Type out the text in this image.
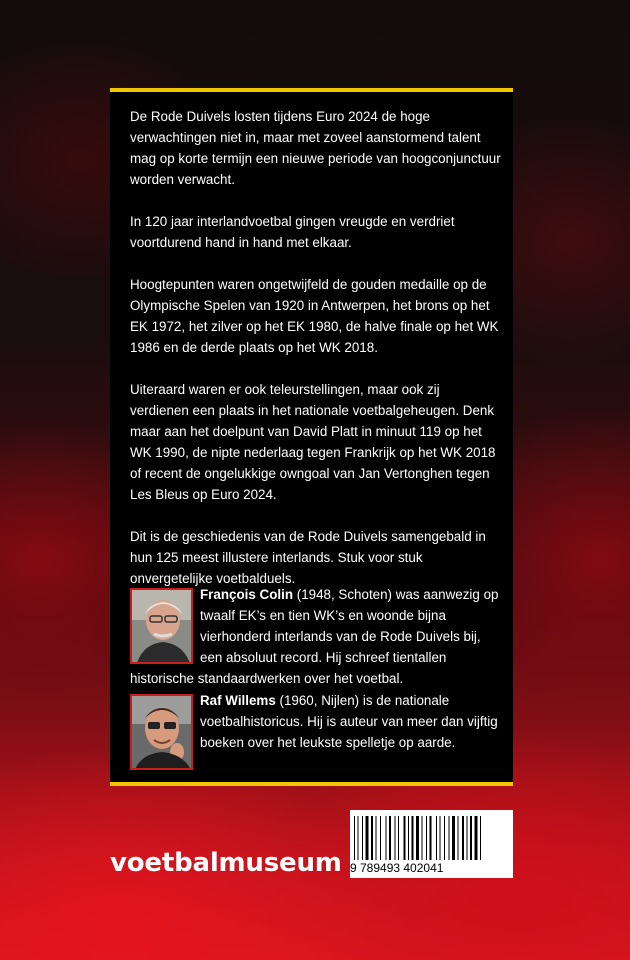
De Rode Duivels losten tijdens Euro 2024 de hoge verwachtingen niet in, maar met zoveel aanstormend talent mag op korte termijn een nieuwe periode van hoogconjunctuur worden verwacht.

In 120 jaar interlandvoetbal gingen vreugde en verdriet voortdurend hand in hand met elkaar.

Hoogtepunten waren ongetwijfeld de gouden medaille op de Olympische Spelen van 1920 in Antwerpen, het brons op het EK 1972, het zilver op het EK 1980, de halve finale op het WK 1986 en de derde plaats op het WK 2018.

Uiteraard waren er ook teleurstellingen, maar ook zij verdienen een plaats in het nationale voetbalgeheugen. Denk maar aan het doelpunt van David Platt in minuut 119 op het WK 1990, de nipte nederlaag tegen Frankrijk op het WK 2018 of recent de ongelukkige owngoal van Jan Vertonghen tegen Les Bleus op Euro 2024.

Dit is de geschiedenis van de Rode Duivels samengebald in hun 125 meest illustere interlands. Stuk voor stuk onvergetelijke voetbalduels.

François Colin (1948, Schoten) was aanwezig op twaalf EK’s en tien WK’s en woonde bijna vierhonderd interlands van de Rode Duivels bij, een absoluut record. Hij schreef tientallen historische standaardwerken over het voetbal.
Raf Willems (1960, Nijlen) is de nationale voetbalhistoricus. Hij is auteur van meer dan vijftig boeken over het leukste spelletje op aarde.
voetbalmuseum 9 789493 402041
